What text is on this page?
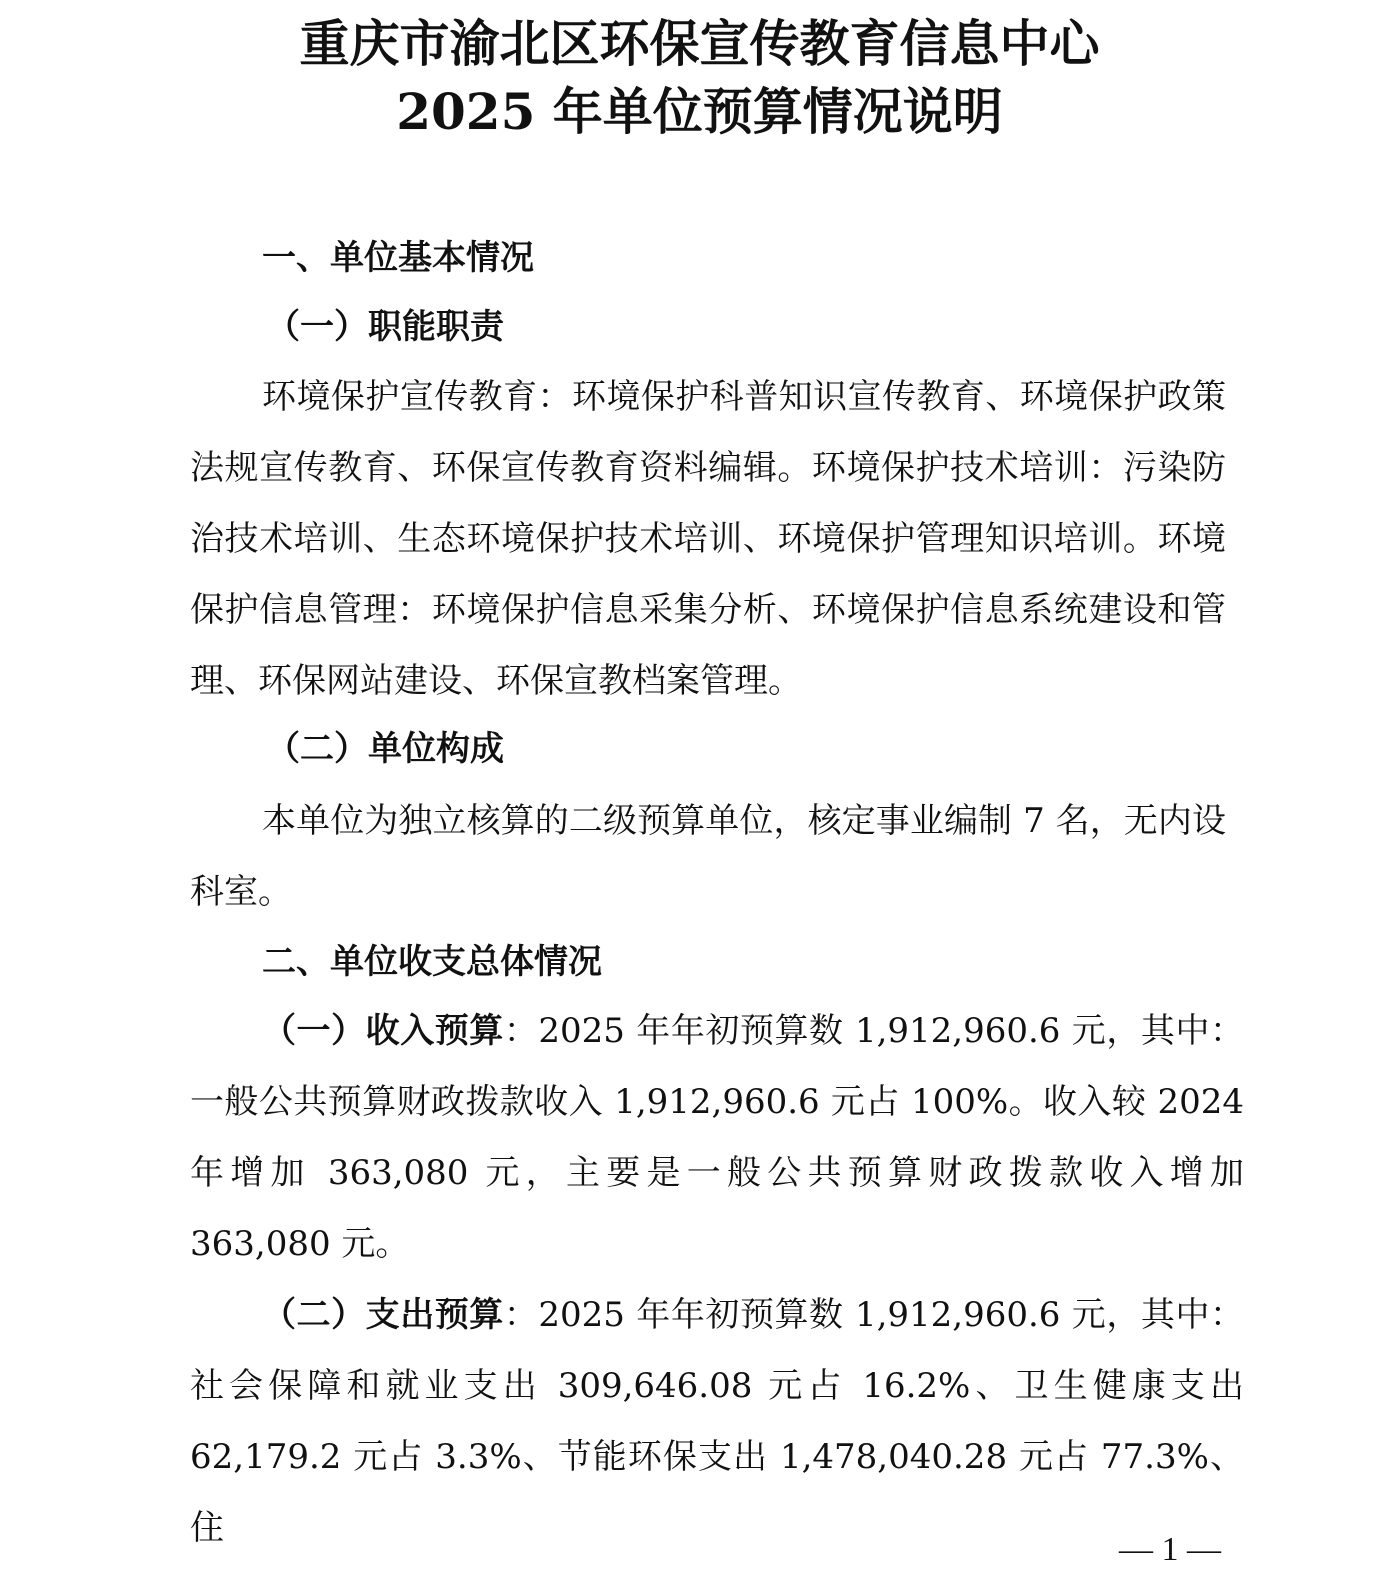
重庆市渝北区环保宣传教育信息中心
2025 年单位预算情况说明
一、单位基本情况
（一）职能职责

环境保护宣传教育：环境保护科普知识宣传教育、环境保护政策法规宣传教育、环保宣传教育资料编辑。环境保护技术培训：污染防治技术培训、生态环境保护技术培训、环境保护管理知识培训。环境保护信息管理：环境保护信息采集分析、环境保护信息系统建设和管理、环保网站建设、环保宣教档案管理。

（二）单位构成

本单位为独立核算的二级预算单位，核定事业编制 7 名，无内设科室。

二、单位收支总体情况

（一）收入预算：2025 年年初预算数 1,912,960.6 元，其中：一般公共预算财政拨款收入 1,912,960.6 元占 100%。收入较 2024 年增加 363,080 元，主要是一般公共预算财政拨款收入增加 363,080 元。

（二）支出预算：2025 年年初预算数 1,912,960.6 元，其中：社会保障和就业支出 309,646.08 元占 16.2%、卫生健康支出 62,179.2 元占 3.3%、节能环保支出 1,478,040.28 元占 77.3%、住

— 1 —
